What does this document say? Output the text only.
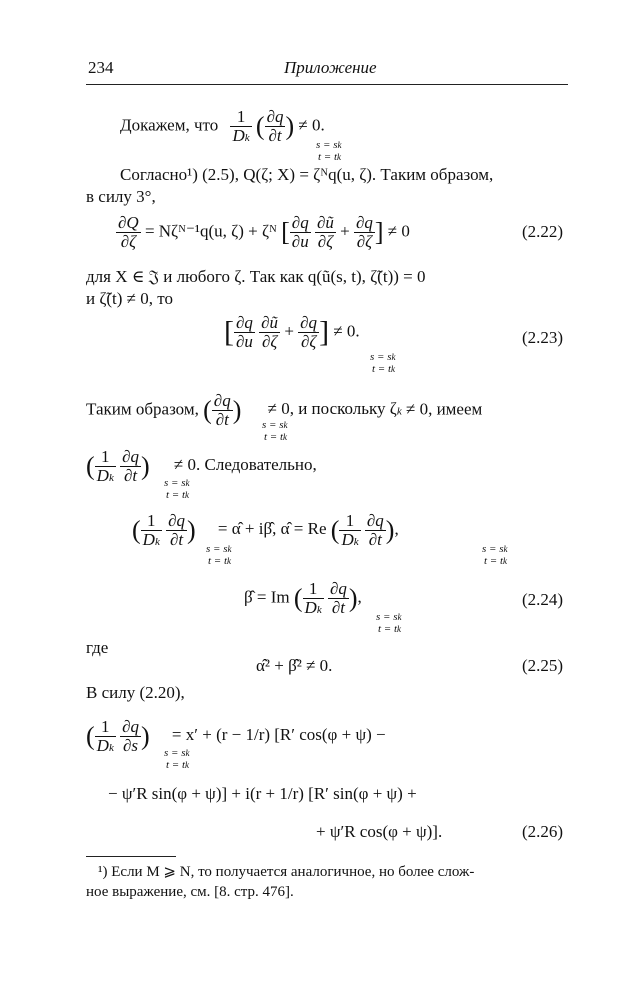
234	Приложение
Докажем, что $\frac{1}{Dk}$ ( $\frac{\partial q}{\partial t}$ ) ≠ 0.
s = sk
t = tk
Согласно¹) (2.5), Q(ζ; X) = ζᴺq(u, ζ). Таким образом,
в силу 3°,
$\frac{\partial Q}{\partial\zeta}$ = Nζᴺ⁻¹q(u, ζ) + ζᴺ [ $\frac{\partial q}{\partial u}$
$\frac{\partial ũ}{\partial\zeta} + \frac{\partial q}{\partial\zeta}$ ] ≠ 0	(2.22)
для X ∈ 𝔍 и любого ζ. Так как q(ũ(s, t), ζ̃(t)) = 0
и ζ̃(t) ≠ 0, то
[ $\frac{\partial q}{\partial u}$
$\frac{\partial ũ}{\partial\zeta} + \frac{\partial q}{\partial\zeta}$ ] ≠ 0.
s = sk
t = tk
(2.23)
Таким образом, ( $\frac{\partial q}{\partial t}$ ) ≠ 0, и поскольку ζk ≠ 0, имеем
s = sk
t = tk
( $\frac{1}{Dk}$
$\frac{\partial q}{\partial t}$ ) ≠ 0. Следовательно,
s = sk
t = tk
( $\frac{1}{Dk}$
$\frac{\partial q}{\partial t}$ ) = α̂ + iβ̂, α̂ = Re ( $\frac{1}{Dk}$
$\frac{\partial q}{\partial t}$ ),
s = sk
t = tk
s = sk
t = tk
β̂ = Im ( $\frac{1}{Dk}$
$\frac{\partial q}{\partial t}$ ),
s = sk
t = tk
(2.24)
где
α̂² + β̂² ≠ 0.	(2.25)
В силу (2.20),
( $\frac{1}{Dk}$
$\frac{\partial q}{\partial s}$ ) = x′ + (r − 1/r) [R′ cos(φ + ψ) −
s = sk
t = tk
− ψ′R sin(φ + ψ)] + i(r + 1/r) [R′ sin(φ + ψ) +
+ ψ′R cos(φ + ψ)].	(2.26)
¹) Если M ⩾ N, то получается аналогичное, но более слож-
ное выражение, см. [8. стр. 476].
